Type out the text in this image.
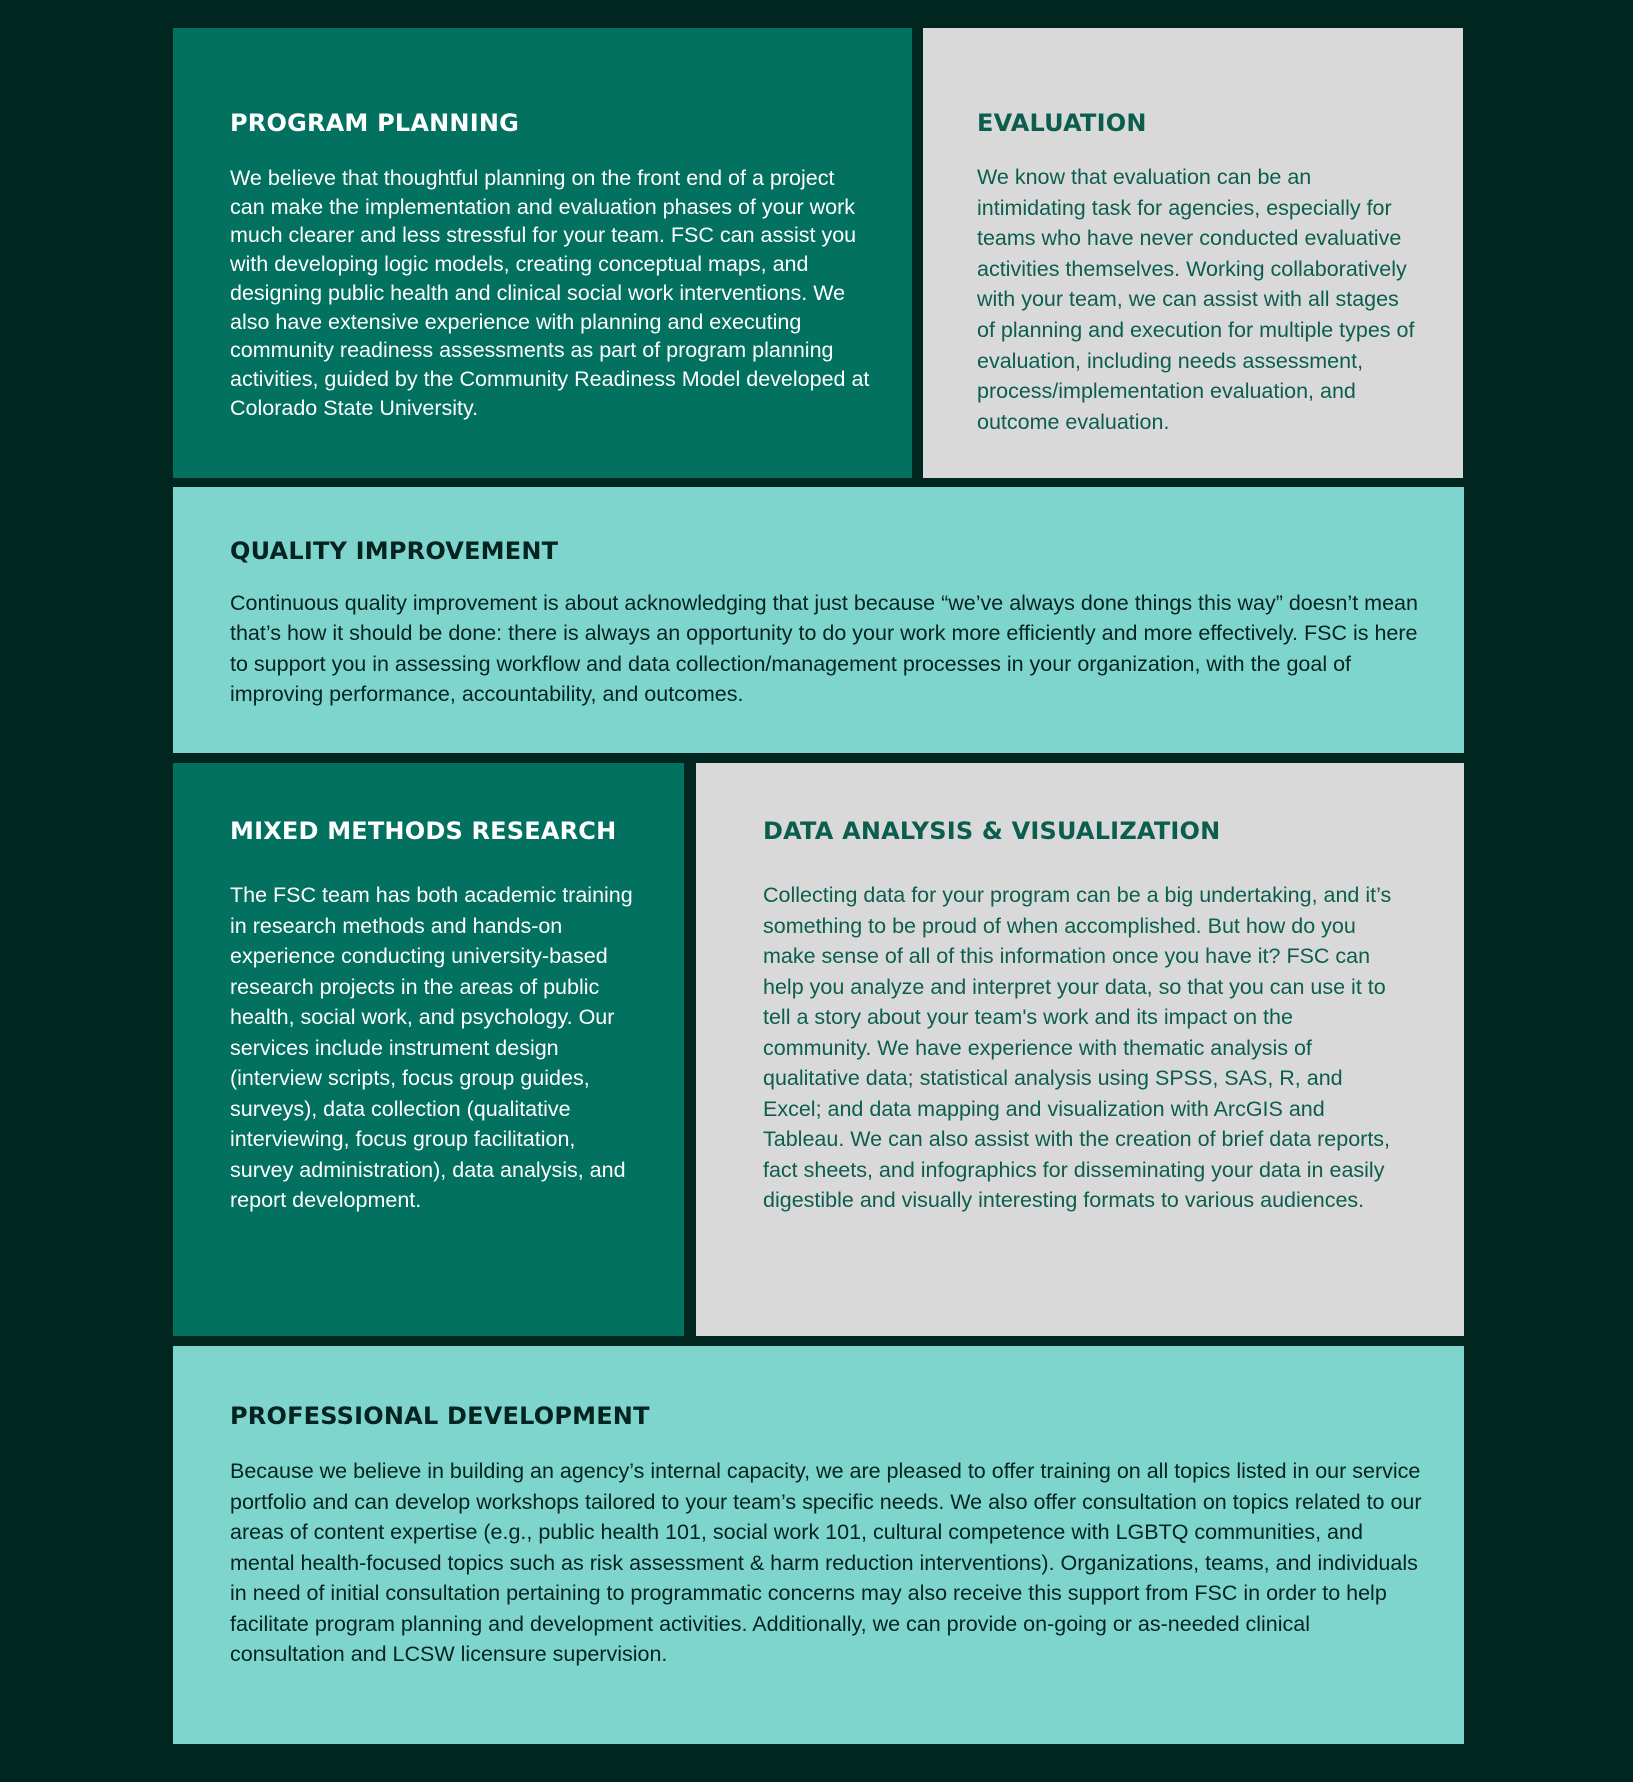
PROGRAM PLANNING

We believe that thoughtful planning on the front end of a project can make the implementation and evaluation phases of your work much clearer and less stressful for your team. FSC can assist you with developing logic models, creating conceptual maps, and designing public health and clinical social work interventions. We also have extensive experience with planning and executing community readiness assessments as part of program planning activities, guided by the Community Readiness Model developed at Colorado State University.

EVALUATION

We know that evaluation can be an intimidating task for agencies, especially for teams who have never conducted evaluative activities themselves. Working collaboratively with your team, we can assist with all stages of planning and execution for multiple types of evaluation, including needs assessment, process/implementation evaluation, and outcome evaluation.

QUALITY IMPROVEMENT

Continuous quality improvement is about acknowledging that just because “we’ve always done things this way” doesn’t mean that’s how it should be done: there is always an opportunity to do your work more efficiently and more effectively. FSC is here to support you in assessing workflow and data collection/management processes in your organization, with the goal of improving performance, accountability, and outcomes.

MIXED METHODS RESEARCH

The FSC team has both academic training in research methods and hands-on experience conducting university-based research projects in the areas of public health, social work, and psychology. Our services include instrument design (interview scripts, focus group guides, surveys), data collection (qualitative interviewing, focus group facilitation, survey administration), data analysis, and report development.

DATA ANALYSIS & VISUALIZATION

Collecting data for your program can be a big undertaking, and it’s something to be proud of when accomplished. But how do you make sense of all of this information once you have it? FSC can help you analyze and interpret your data, so that you can use it to tell a story about your team's work and its impact on the community. We have experience with thematic analysis of qualitative data; statistical analysis using SPSS, SAS, R, and Excel; and data mapping and visualization with ArcGIS and Tableau. We can also assist with the creation of brief data reports, fact sheets, and infographics for disseminating your data in easily digestible and visually interesting formats to various audiences.

PROFESSIONAL DEVELOPMENT

Because we believe in building an agency’s internal capacity, we are pleased to offer training on all topics listed in our service portfolio and can develop workshops tailored to your team’s specific needs. We also offer consultation on topics related to our areas of content expertise (e.g., public health 101, social work 101, cultural competence with LGBTQ communities, and mental health-focused topics such as risk assessment & harm reduction interventions). Organizations, teams, and individuals in need of initial consultation pertaining to programmatic concerns may also receive this support from FSC in order to help facilitate program planning and development activities. Additionally, we can provide on-going or as-needed clinical consultation and LCSW licensure supervision.
